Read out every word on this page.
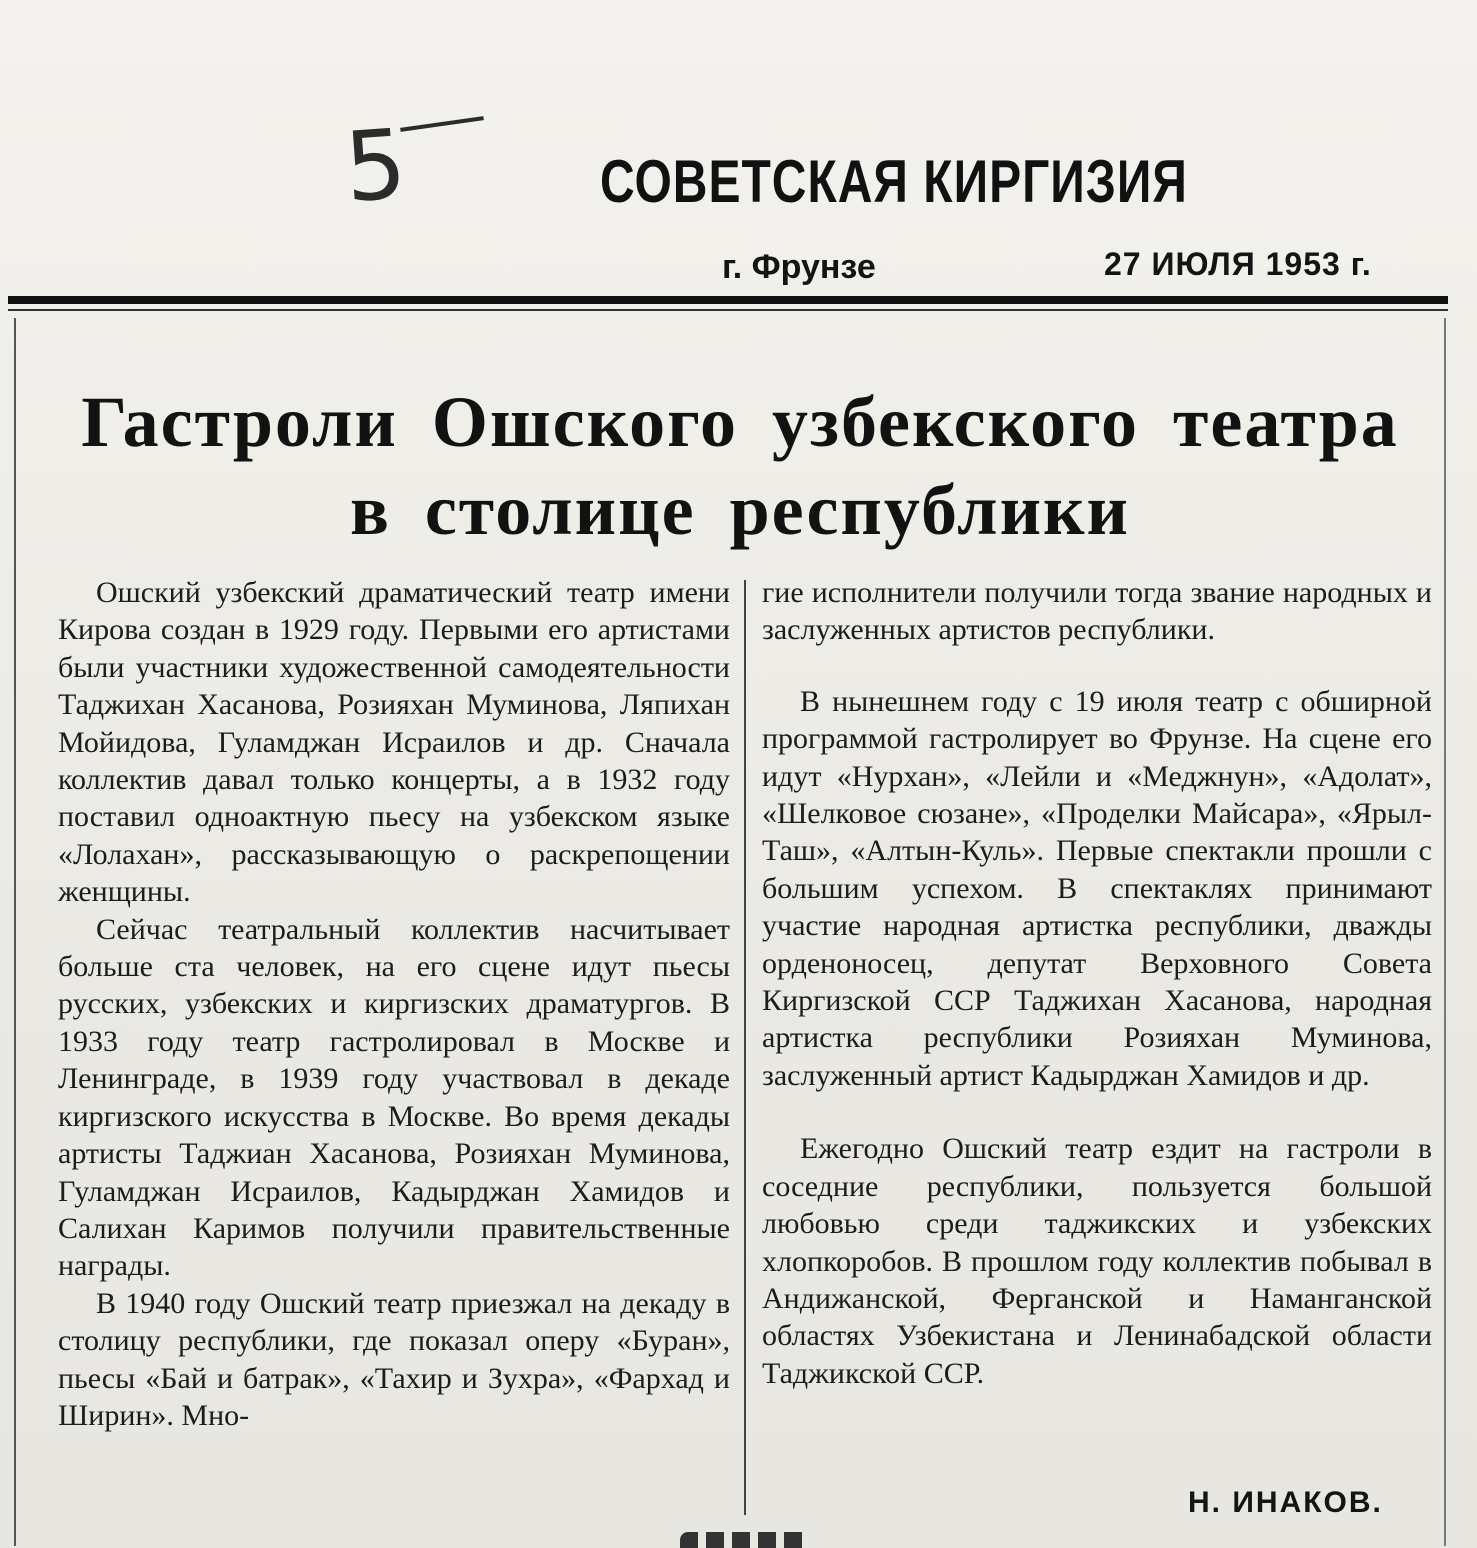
5	СОВЕТСКАЯ КИРГИЗИЯ
г. Фрунзе	27 ИЮЛЯ 1953 г.
Гастроли Ошского узбекского театра
в столице республики

Ошский узбекский драматический театр имени Кирова создан в 1929 году. Первыми его артистами были участники художественной самодеятельности Таджихан Хасанова, Розияхан Муминова, Ляпихан Мойидова, Гуламджан Исраилов и др. Сначала коллектив давал только концерты, а в 1932 году поставил одноактную пьесу на узбекском языке «Лолахан», рассказывающую о раскрепощении женщины.

Сейчас театральный коллектив насчитывает больше ста человек, на его сцене идут пьесы русских, узбекских и киргизских драматургов. В 1933 году театр гастролировал в Москве и Ленинграде, в 1939 году участвовал в декаде киргизского искусства в Москве. Во время декады артисты Таджиан Хасанова, Розияхан Муминова, Гуламджан Исраилов, Кадырджан Хамидов и Салихан Каримов получили правительственные награды.

В 1940 году Ошский театр приезжал на декаду в столицу республики, где показал оперу «Буран», пьесы «Бай и батрак», «Тахир и Зухра», «Фархад и Ширин». Мно-

гие исполнители получили тогда звание народных и заслуженных артистов республики.

В нынешнем году с 19 июля театр с обширной программой гастролирует во Фрунзе. На сцене его идут «Нурхан», «Лейли и «Меджнун», «Адолат», «Шелковое сюзане», «Проделки Майсара», «Ярыл-Таш», «Алтын-Куль». Первые спектакли прошли с большим успехом. В спектаклях принимают участие народная артистка республики, дважды орденоносец, депутат Верховного Совета Киргизской ССР Таджихан Хасанова, народная артистка республики Розияхан Муминова, заслуженный артист Кадырджан Хамидов и др.

Ежегодно Ошский театр ездит на гастроли в соседние республики, пользуется большой любовью среди таджикских и узбекских хлопкоробов. В прошлом году коллектив побывал в Андижанской, Ферганской и Наманганской областях Узбекистана и Ленинабадской области Таджикской ССР.

Н. ИНАКОВ.
